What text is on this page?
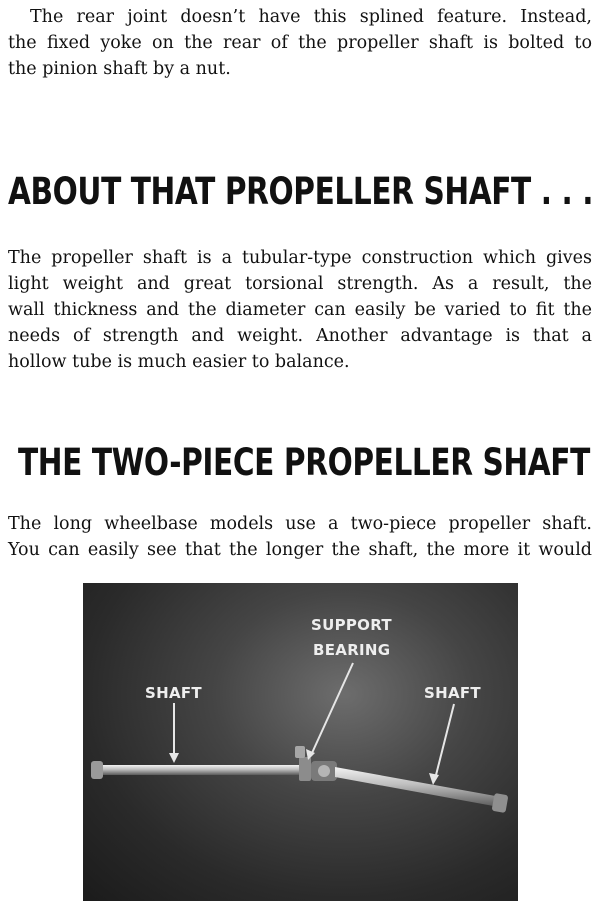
The rear joint doesn’t have this splined feature. Instead,
the fixed yoke on the rear of the propeller shaft is bolted to
the pinion shaft by a nut.
ABOUT THAT PROPELLER SHAFT . . .
The propeller shaft is a tubular-type construction which gives
light weight and great torsional strength. As a result, the
wall thickness and the diameter can easily be varied to fit the
needs of strength and weight. Another advantage is that a
hollow tube is much easier to balance.
THE TWO-PIECE PROPELLER SHAFT
The long wheelbase models use a two-piece propeller shaft.
You can easily see that the longer the shaft, the more it would
SUPPORT
BEARING
SHAFT	SHAFT
